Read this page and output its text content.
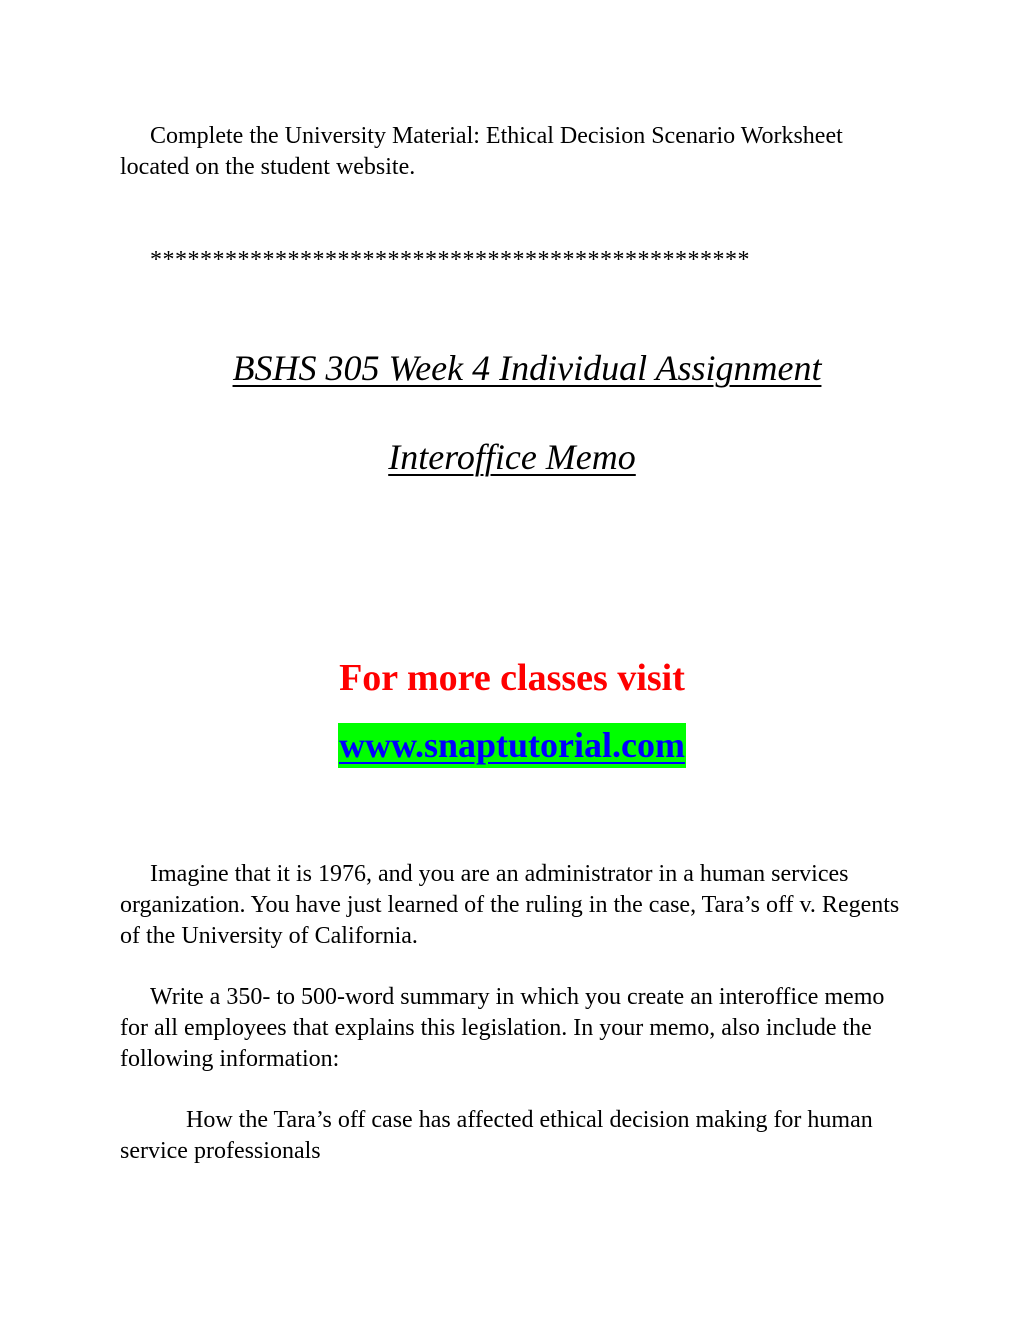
Complete the University Material: Ethical Decision Scenario Worksheet located on the student website.
************************************************
BSHS 305 Week 4 Individual Assignment
Interoffice Memo
For more classes visit
www.snaptutorial.com
Imagine that it is 1976, and you are an administrator in a human services organization. You have just learned of the ruling in the case, Tara’s off v. Regents of the University of California.
Write a 350- to 500-word summary in which you create an interoffice memo for all employees that explains this legislation. In your memo, also include the following information:
How the Tara’s off case has affected ethical decision making for human service professionals
